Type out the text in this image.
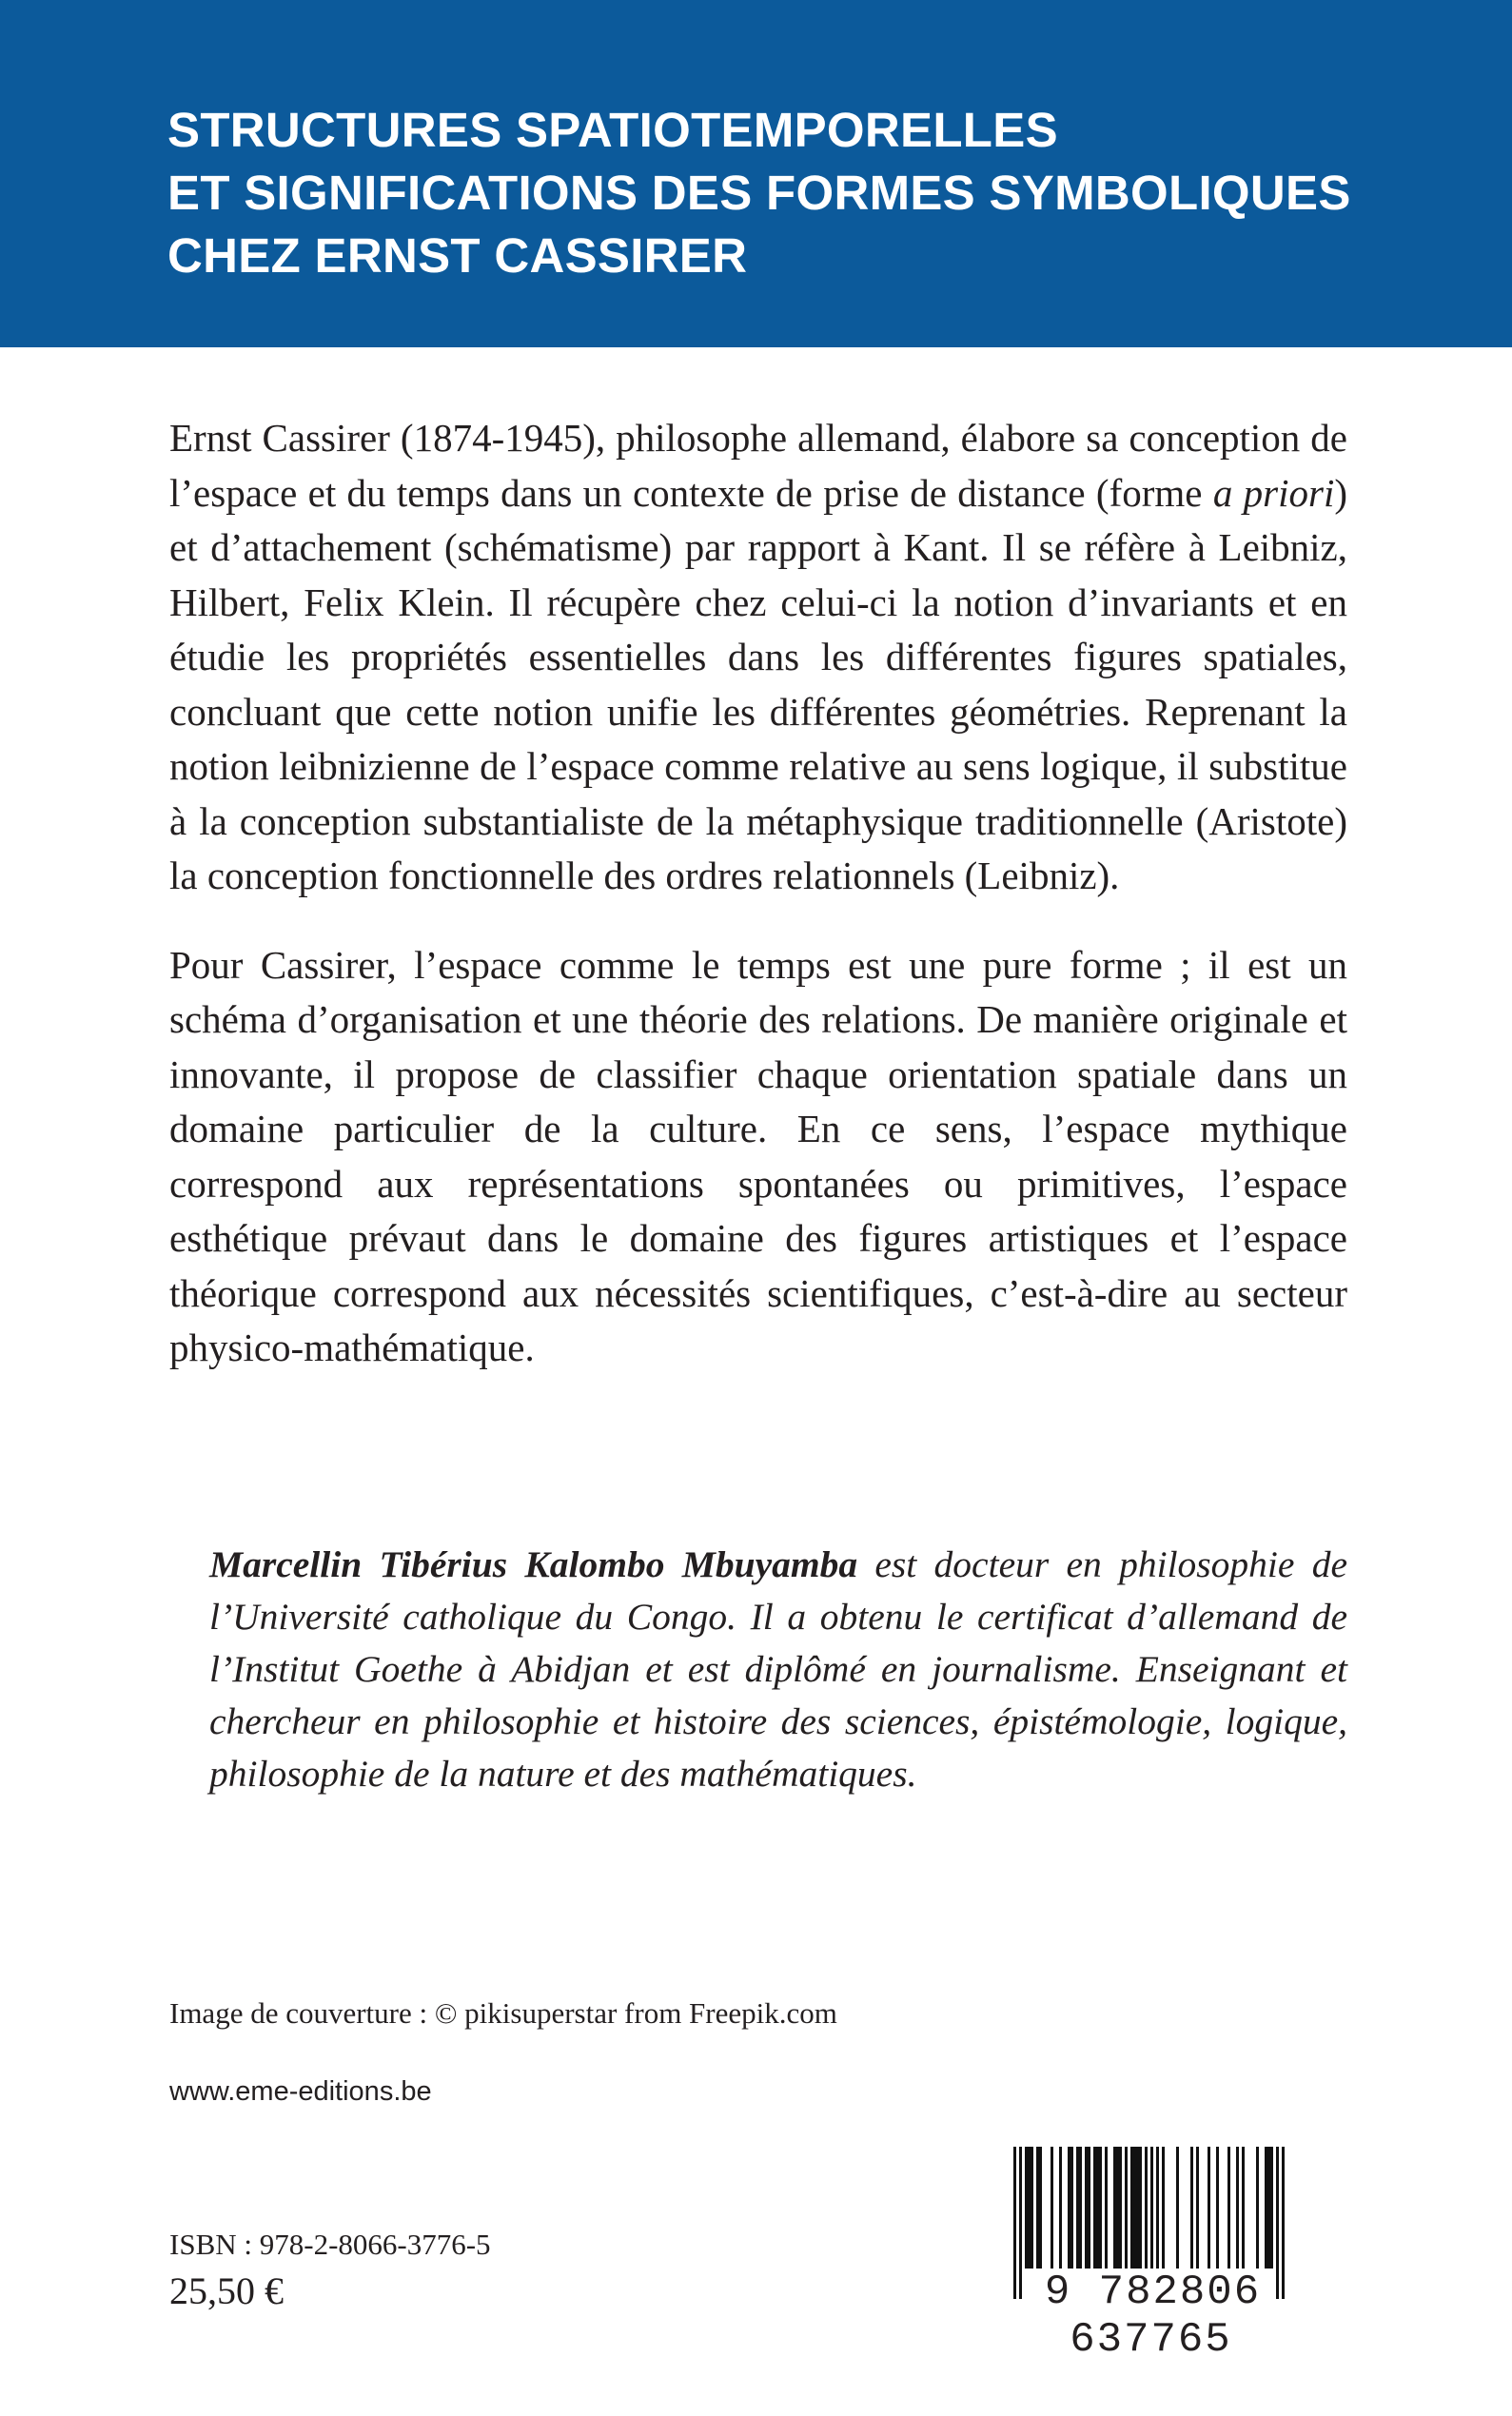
STRUCTURES SPATIOTEMPORELLES
ET SIGNIFICATIONS DES FORMES SYMBOLIQUES
CHEZ ERNST CASSIRER

Ernst Cassirer (1874-1945), philosophe allemand, élabore sa conception de l’espace et du temps dans un contexte de prise de distance (forme a priori) et d’attachement (schématisme) par rapport à Kant. Il se réfère à Leibniz, Hilbert, Felix Klein. Il récupère chez celui-ci la notion d’invariants et en étudie les propriétés essentielles dans les différentes figures spatiales, concluant que cette notion unifie les différentes géométries. Reprenant la notion leibnizienne de l’espace comme relative au sens logique, il substitue à la conception substantialiste de la métaphysique traditionnelle (Aristote) la conception fonctionnelle des ordres relationnels (Leibniz).

Pour Cassirer, l’espace comme le temps est une pure forme ; il est un schéma d’organisation et une théorie des relations. De manière originale et innovante, il propose de classifier chaque orientation spatiale dans un domaine particulier de la culture. En ce sens, l’espace mythique correspond aux représentations spontanées ou primitives, l’espace esthétique prévaut dans le domaine des figures artistiques et l’espace théorique correspond aux nécessités scientifiques, c’est-à-dire au secteur physico-mathématique.

Marcellin Tibérius Kalombo Mbuyamba est docteur en philosophie de l’Université catholique du Congo. Il a obtenu le certificat d’allemand de l’Institut Goethe à Abidjan et est diplômé en journalisme. Enseignant et chercheur en philosophie et histoire des sciences, épistémologie, logique, philosophie de la nature et des mathématiques.

Image de couverture : © pikisuperstar from Freepik.com
www.eme-editions.be
ISBN : 978-2-8066-3776-5
25,50 €	9 782806 637765
